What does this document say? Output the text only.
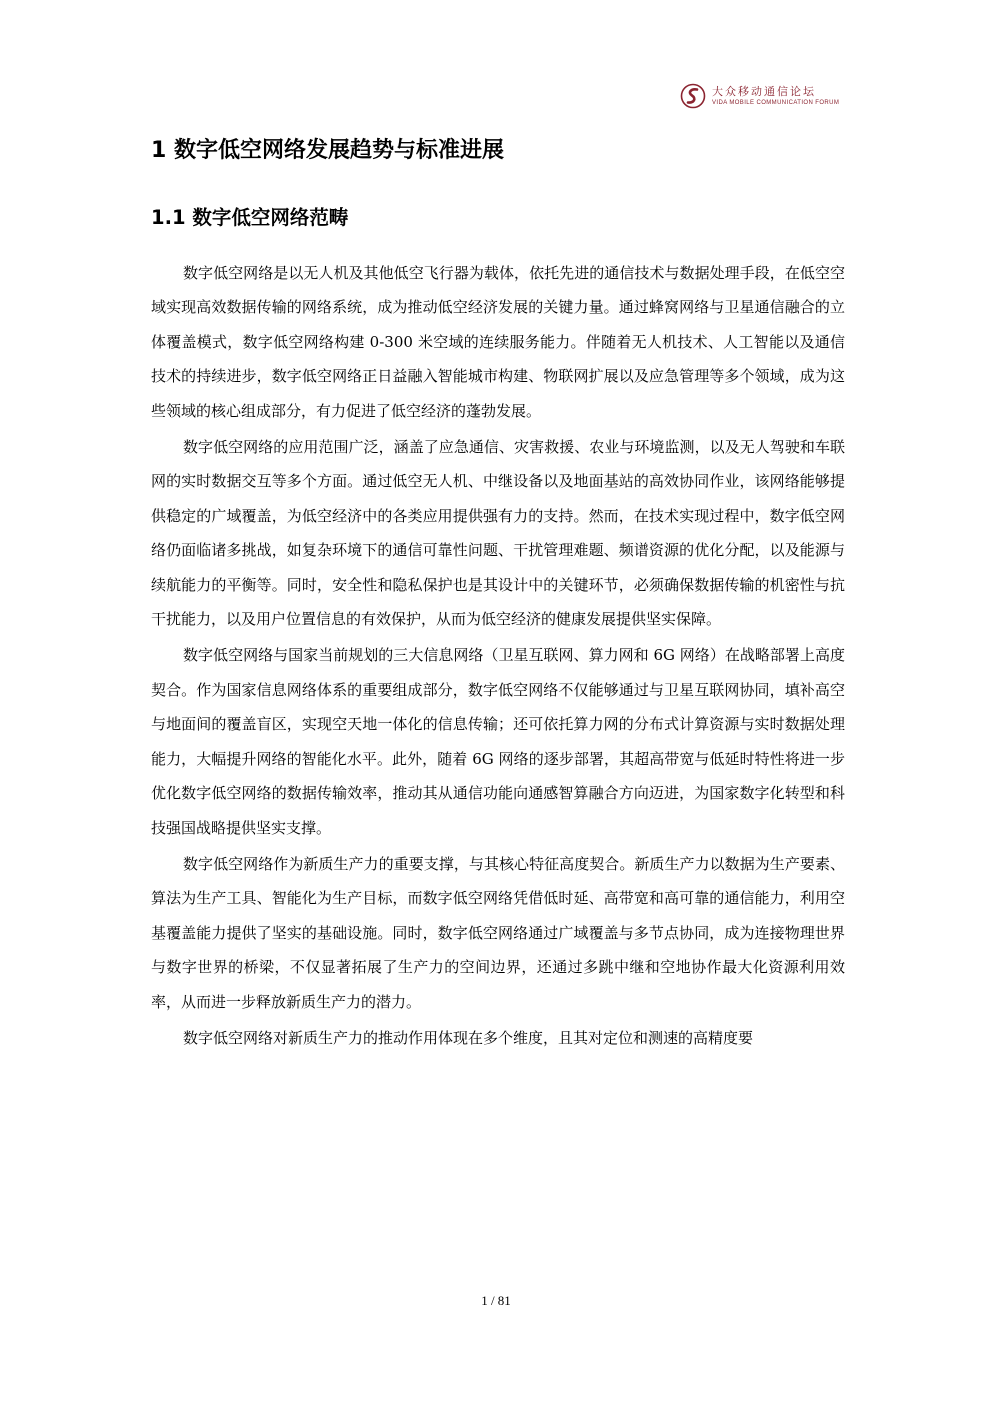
大众移动通信论坛
VIDA MOBILE COMMUNICATION FORUM
1 数字低空网络发展趋势与标准进展
1.1 数字低空网络范畴

数字低空网络是以无人机及其他低空飞行器为载体，依托先进的通信技术与数据处理手段，在低空空域实现高效数据传输的网络系统，成为推动低空经济发展的关键力量。通过蜂窝网络与卫星通信融合的立体覆盖模式，数字低空网络构建 0-300 米空域的连续服务能力。伴随着无人机技术、人工智能以及通信技术的持续进步，数字低空网络正日益融入智能城市构建、物联网扩展以及应急管理等多个领域，成为这些领域的核心组成部分，有力促进了低空经济的蓬勃发展。

数字低空网络的应用范围广泛，涵盖了应急通信、灾害救援、农业与环境监测，以及无人驾驶和车联网的实时数据交互等多个方面。通过低空无人机、中继设备以及地面基站的高效协同作业，该网络能够提供稳定的广域覆盖，为低空经济中的各类应用提供强有力的支持。然而，在技术实现过程中，数字低空网络仍面临诸多挑战，如复杂环境下的通信可靠性问题、干扰管理难题、频谱资源的优化分配，以及能源与续航能力的平衡等。同时，安全性和隐私保护也是其设计中的关键环节，必须确保数据传输的机密性与抗干扰能力，以及用户位置信息的有效保护，从而为低空经济的健康发展提供坚实保障。

数字低空网络与国家当前规划的三大信息网络（卫星互联网、算力网和 6G 网络）在战略部署上高度契合。作为国家信息网络体系的重要组成部分，数字低空网络不仅能够通过与卫星互联网协同，填补高空与地面间的覆盖盲区，实现空天地一体化的信息传输；还可依托算力网的分布式计算资源与实时数据处理能力，大幅提升网络的智能化水平。此外，随着 6G 网络的逐步部署，其超高带宽与低延时特性将进一步优化数字低空网络的数据传输效率，推动其从通信功能向通感智算融合方向迈进，为国家数字化转型和科技强国战略提供坚实支撑。

数字低空网络作为新质生产力的重要支撑，与其核心特征高度契合。新质生产力以数据为生产要素、算法为生产工具、智能化为生产目标，而数字低空网络凭借低时延、高带宽和高可靠的通信能力，利用空基覆盖能力提供了坚实的基础设施。同时，数字低空网络通过广域覆盖与多节点协同，成为连接物理世界与数字世界的桥梁，不仅显著拓展了生产力的空间边界，还通过多跳中继和空地协作最大化资源利用效率，从而进一步释放新质生产力的潜力。

数字低空网络对新质生产力的推动作用体现在多个维度，且其对定位和测速的高精度要

1 / 81
